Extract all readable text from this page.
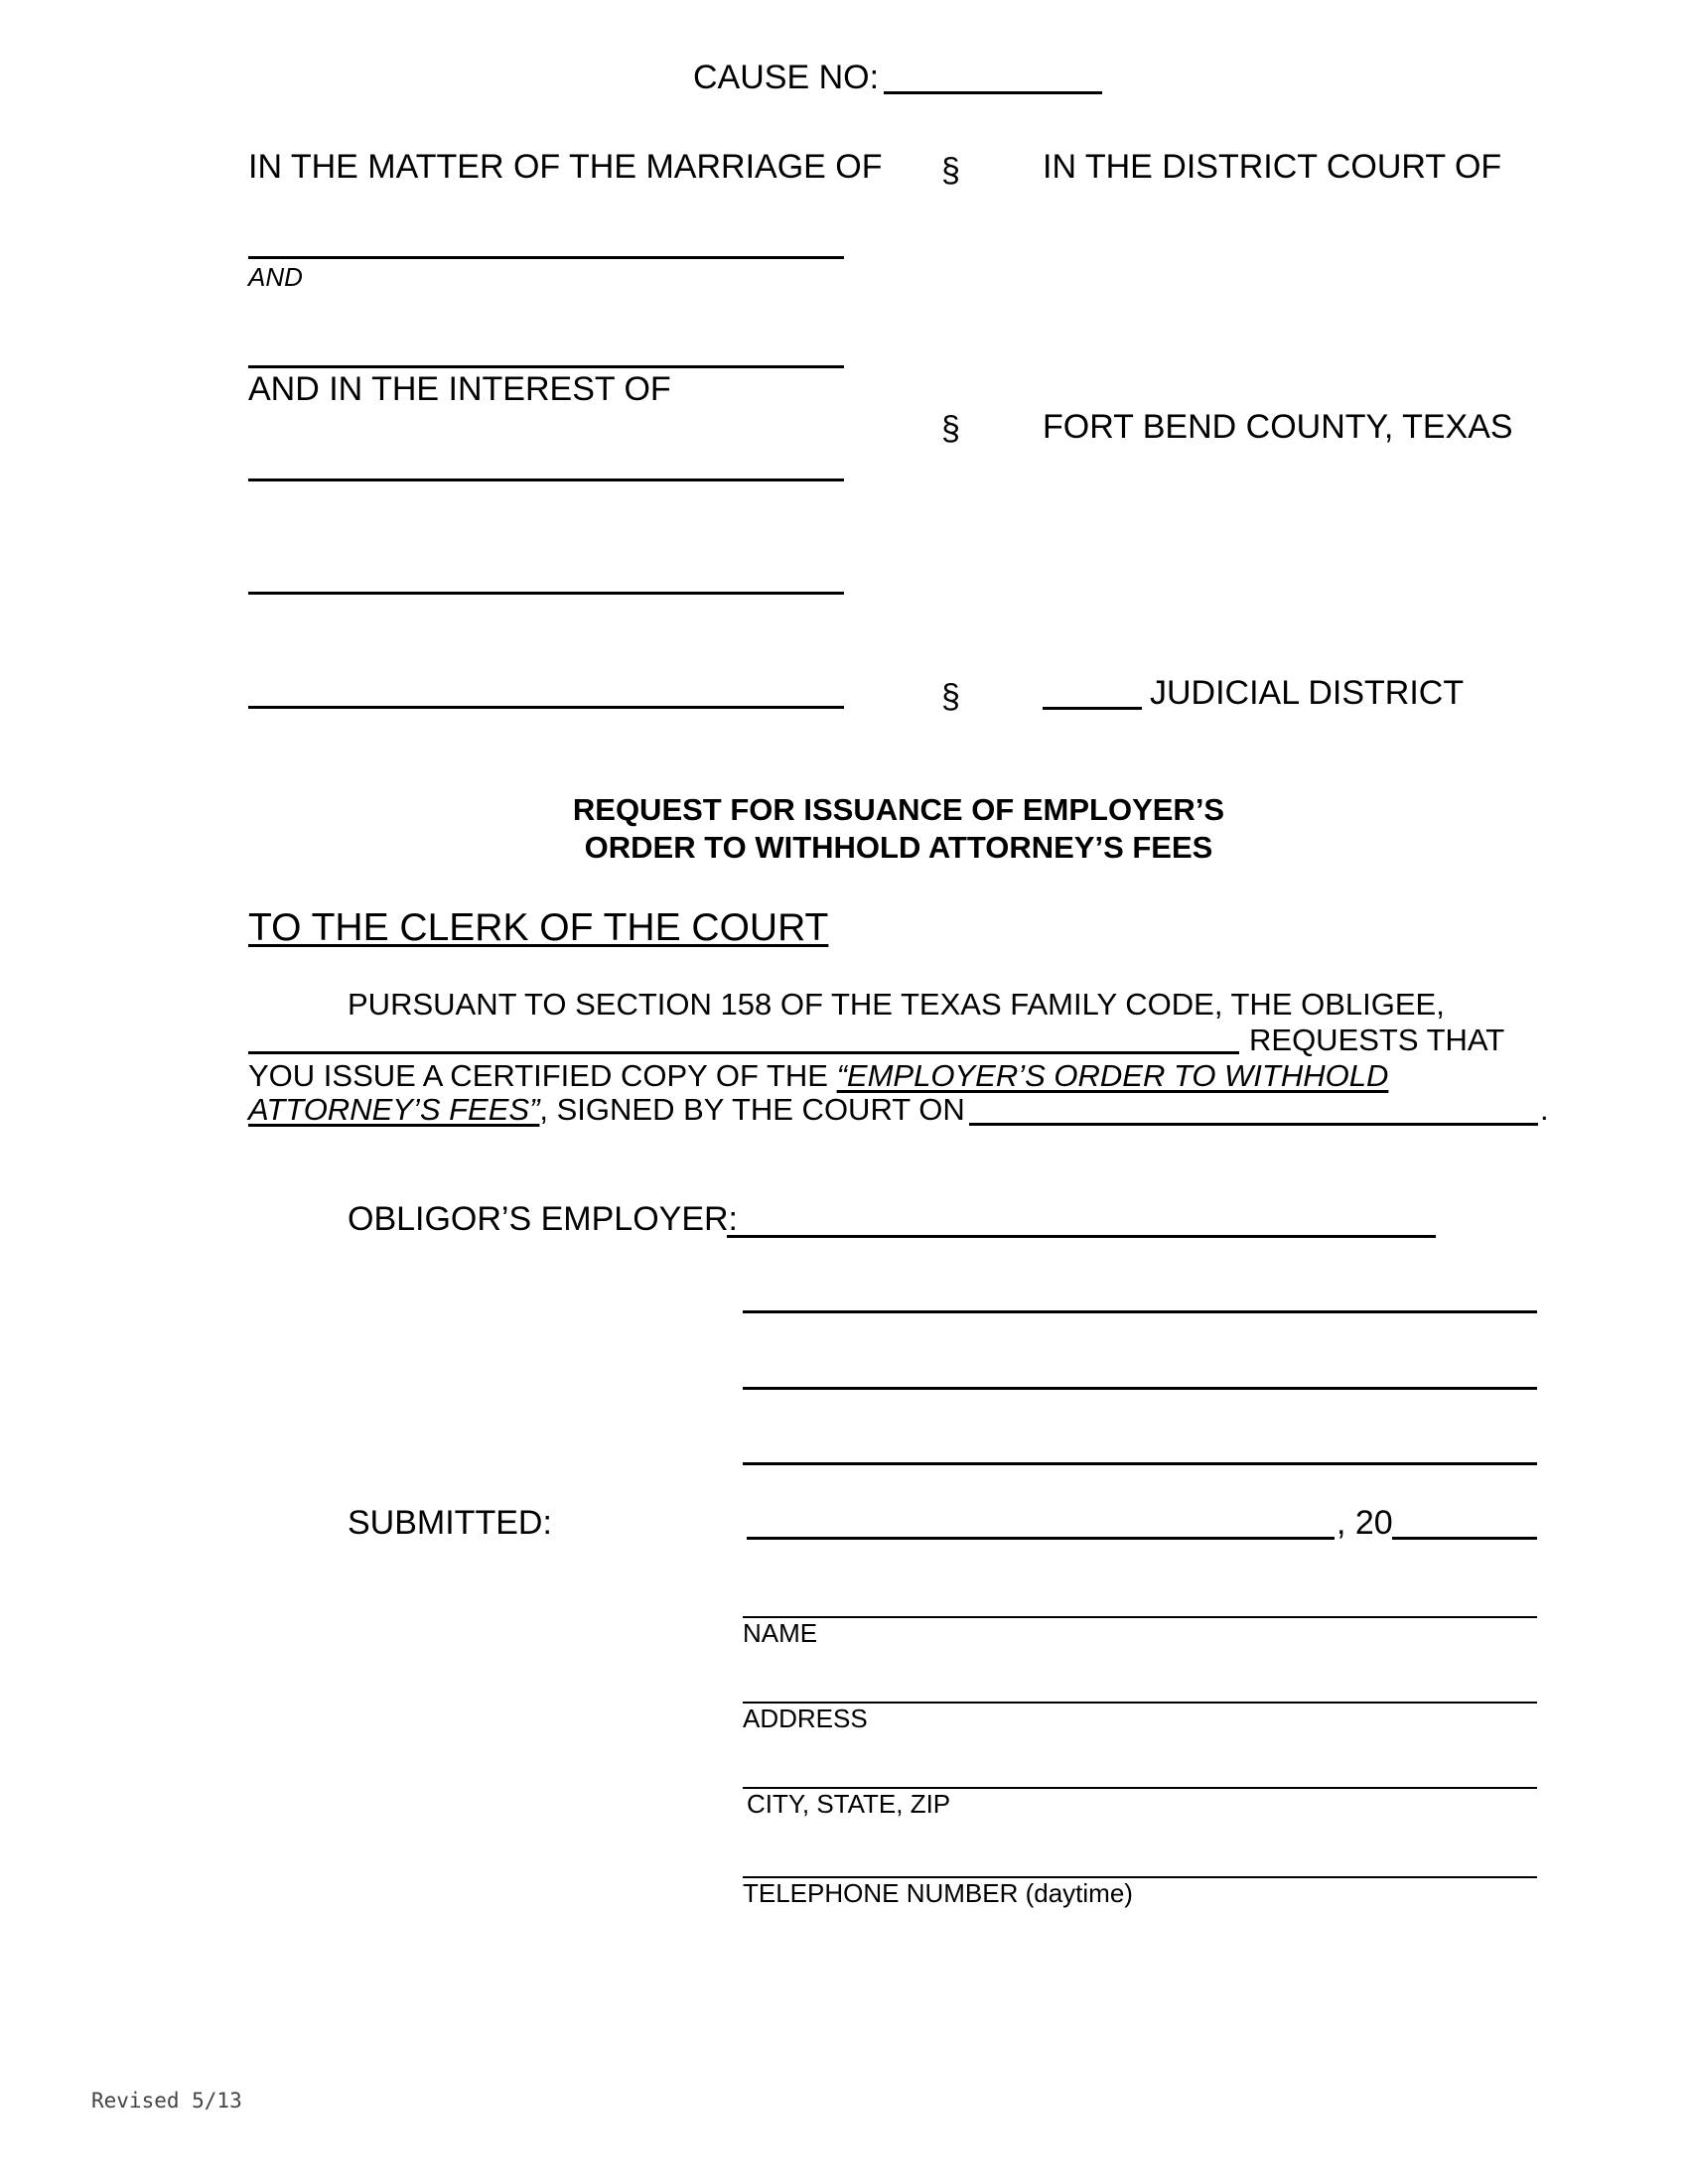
CAUSE NO:
IN THE MATTER OF THE MARRIAGE OF
AND
AND IN THE INTEREST OF
§
§
§
IN THE DISTRICT COURT OF
FORT BEND COUNTY, TEXAS
JUDICIAL DISTRICT
REQUEST FOR ISSUANCE OF EMPLOYER’S
ORDER TO WITHHOLD ATTORNEY’S FEES
TO THE CLERK OF THE COURT
PURSUANT TO SECTION 158 OF THE TEXAS FAMILY CODE, THE OBLIGEE,
REQUESTS THAT
YOU ISSUE A CERTIFIED COPY OF THE “EMPLOYER’S ORDER TO WITHHOLD
ATTORNEY’S FEES”, SIGNED BY THE COURT ON	.
OBLIGOR’S EMPLOYER:
SUBMITTED:	, 20
NAME
ADDRESS
CITY, STATE, ZIP
TELEPHONE NUMBER (daytime)
Revised 5/13
